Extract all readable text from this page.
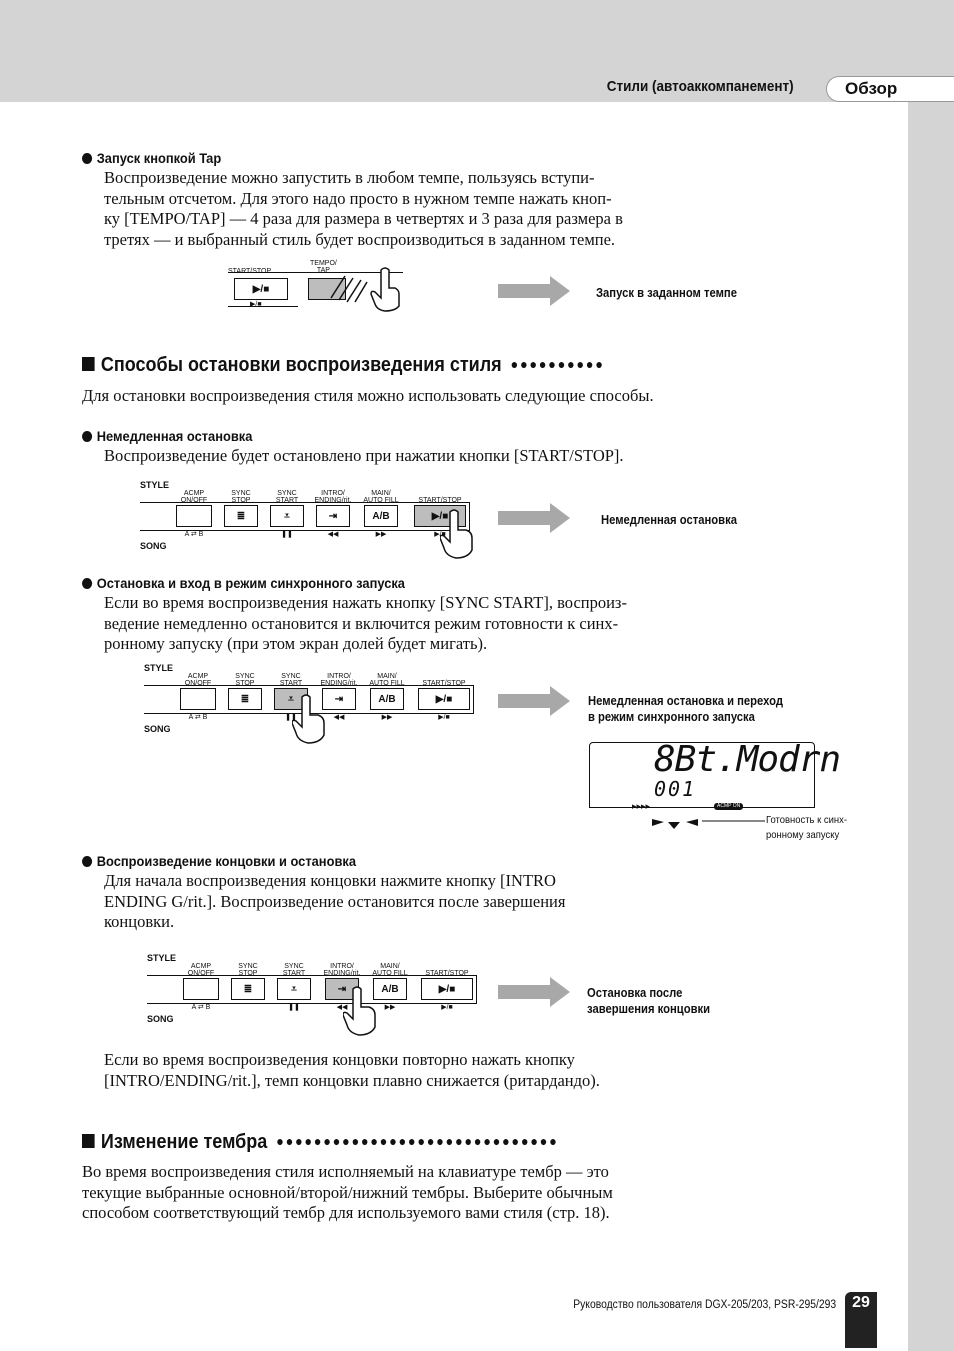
Стили (автоаккомпанемент)	Обзор
Запуск кнопкой Tap
Воспроизведение можно запустить в любом темпе, пользуясь вступи-
тельным отсчетом. Для этого надо просто в нужном темпе нажать кноп-
ку [TEMPO/TAP] — 4 раза для размера в четвертях и 3 раза для размера в
третях — и выбранный стиль будет воспроизводиться в заданном темпе.
START/STOP
▶/■
▶/■
TEMPO/
TAP
Запуск в заданном темпе
Способы остановки воспроизведения стиля ●●●●●●●●●●
Для остановки воспроизведения стиля можно использовать следующие способы.
Немедленная остановка
Воспроизведение будет остановлено при нажатии кнопки [START/STOP].
STYLE
SONG
ACMP
ON/OFF
A ⇄ B
SYNC
STOP
≣
SYNC
START
⩡
❚❚
INTRO/
ENDING/rit.
⇥
◀◀
MAIN/
AUTO FILL
A/B
▶▶
START/STOP
▶/■
▶/■
Немедленная остановка
Остановка и вход в режим синхронного запуска
Если во время воспроизведения нажать кнопку [SYNC START], воспроиз-
ведение немедленно остановится и включится режим готовности к синх-
ронному запуску (при этом экран долей будет мигать).
STYLE
SONG
ACMP
ON/OFF
A ⇄ B
SYNC
STOP
≣
SYNC
START
⩡
❚❚
INTRO/
ENDING/rit.
⇥
◀◀
MAIN/
AUTO FILL
A/B
▶▶
START/STOP
▶/■
▶/■
Немедленная остановка и переход
в режим синхронного запуска
8Bt.Modrn
001
▸▸▸▸	ACMP ON
Готовность к синх-
ронному запуску
Воспроизведение концовки и остановка
Для начала воспроизведения концовки нажмите кнопку [INTRO
ENDING G/rit.]. Воспроизведение остановится после завершения
концовки.
STYLE
SONG
ACMP
ON/OFF
A ⇄ B
SYNC
STOP
≣
SYNC
START
⩡
❚❚
INTRO/
ENDING/rit.
⇥
◀◀
MAIN/
AUTO FILL
A/B
▶▶
START/STOP
▶/■
▶/■
Остановка после
завершения концовки
Если во время воспроизведения концовки повторно нажать кнопку
[INTRO/ENDING/rit.], темп концовки плавно снижается (ритардандо).
Изменение тембра ●●●●●●●●●●●●●●●●●●●●●●●●●●●●●●
Во время воспроизведения стиля исполняемый на клавиатуре тембр — это
текущие выбранные основной/второй/нижний тембры. Выберите обычным
способом соответствующий тембр для используемого вами стиля (стр. 18).
Руководство пользователя DGX-205/203, PSR-295/293	29
